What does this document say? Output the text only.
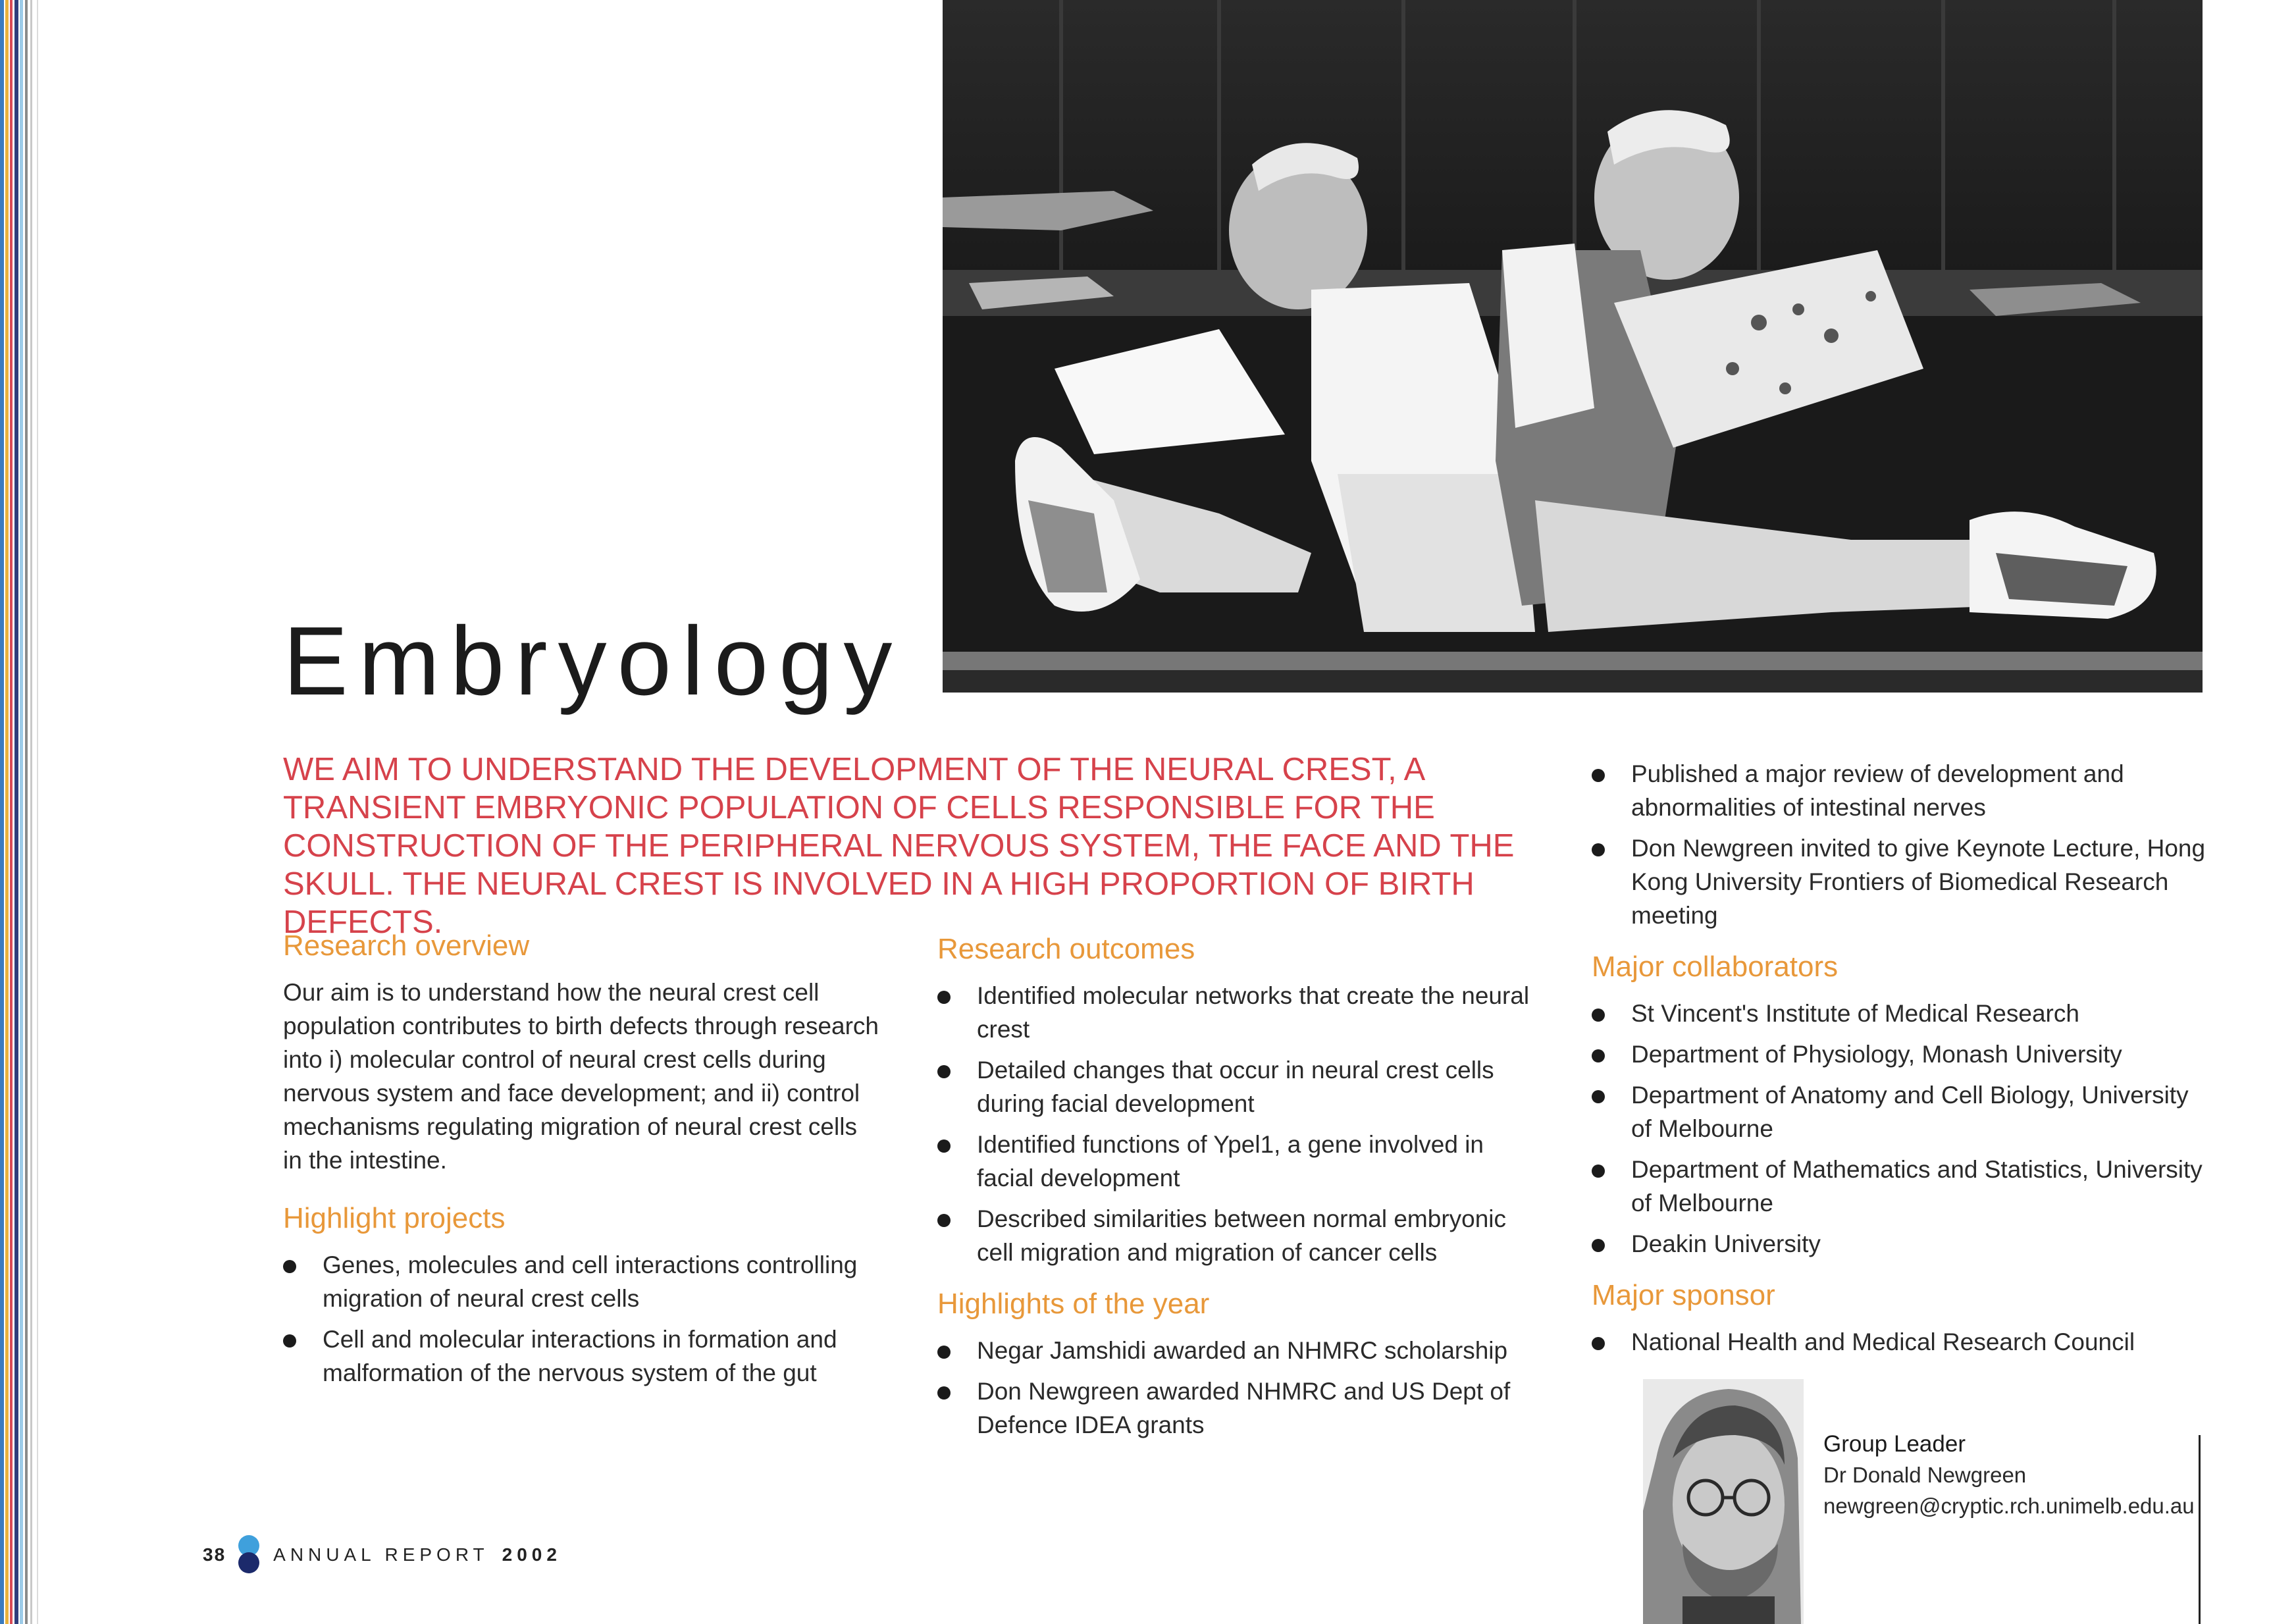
Embryology

WE AIM TO UNDERSTAND THE DEVELOPMENT OF THE NEURAL CREST, A TRANSIENT EMBRYONIC POPULATION OF CELLS RESPONSIBLE FOR THE CONSTRUCTION OF THE PERIPHERAL NERVOUS SYSTEM, THE FACE AND THE SKULL. THE NEURAL CREST IS INVOLVED IN A HIGH PROPORTION OF BIRTH DEFECTS.

Research overview

Our aim is to understand how the neural crest cell population contributes to birth defects through research into i) molecular control of neural crest cells during nervous system and face development; and ii) control mechanisms regulating migration of neural crest cells in the intestine.

Highlight projects
Genes, molecules and cell interactions controlling migration of neural crest cells
Cell and molecular interactions in formation and malformation of the nervous system of the gut
Research outcomes
Identified molecular networks that create the neural crest
Detailed changes that occur in neural crest cells during facial development
Identified functions of Ypel1, a gene involved in facial development
Described similarities between normal embryonic cell migration and migration of cancer cells
Highlights of the year
Negar Jamshidi awarded an NHMRC scholarship
Don Newgreen awarded NHMRC and US Dept of Defence IDEA grants
Published a major review of development and abnormalities of intestinal nerves
Don Newgreen invited to give Keynote Lecture, Hong Kong University Frontiers of Biomedical Research meeting
Major collaborators
St Vincent's Institute of Medical Research
Department of Physiology, Monash University
Department of Anatomy and Cell Biology, University of Melbourne
Department of Mathematics and Statistics, University of Melbourne
Deakin University
Major sponsor
National Health and Medical Research Council
Group Leader
Dr Donald Newgreen
newgreen@cryptic.rch.unimelb.edu.au
38	ANNUAL REPORT 2002
